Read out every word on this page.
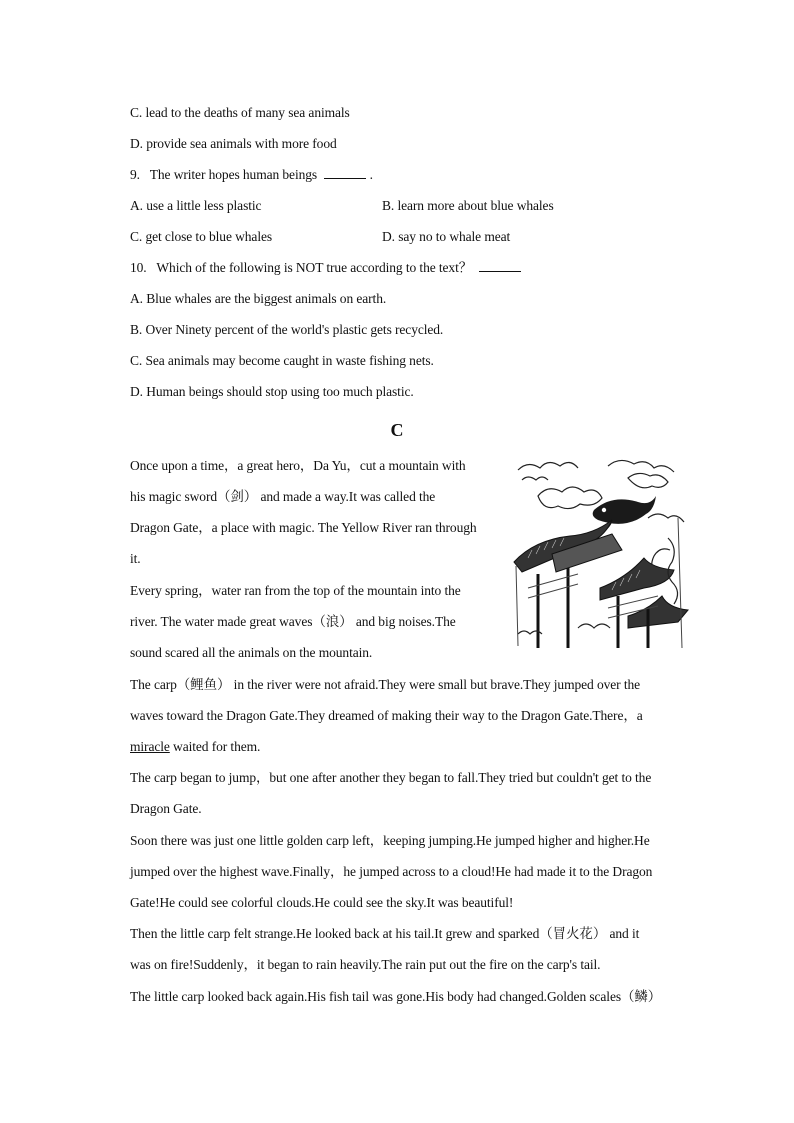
C. lead to the deaths of many sea animals
D. provide sea animals with more food
9.   The writer hopes human beings	.
A. use a little less plastic	B. learn more about blue whales
C. get close to blue whales	D. say no to whale meat
10.   Which of the following is NOT true according to the text？
A. Blue whales are the biggest animals on earth.
B. Over Ninety percent of the world's plastic gets recycled.
C. Sea animals may become caught in waste fishing nets.
D. Human beings should stop using too much plastic.
C
Once upon a time，a great hero，Da Yu，cut a mountain with
his magic sword（剑） and made a way.It was called the
Dragon Gate，a place with magic. The Yellow River ran through
it.
Every spring，water ran from the top of the mountain into the
river. The water made great waves（浪） and big noises.The
sound scared all the animals on the mountain.
The carp（鲤鱼） in the river were not afraid.They were small but brave.They jumped over the
waves toward the Dragon Gate.They dreamed of making their way to the Dragon Gate.There，a
miracle waited for them.
The carp began to jump，but one after another they began to fall.They tried but couldn't get to the
Dragon Gate.
Soon there was just one little golden carp left，keeping jumping.He jumped higher and higher.He
jumped over the highest wave.Finally，he jumped across to a cloud!He had made it to the Dragon
Gate!He could see colorful clouds.He could see the sky.It was beautiful!
Then the little carp felt strange.He looked back at his tail.It grew and sparked（冒火花） and it
was on fire!Suddenly，it began to rain heavily.The rain put out the fire on the carp's tail.
The little carp looked back again.His fish tail was gone.His body had changed.Golden scales（鳞）
